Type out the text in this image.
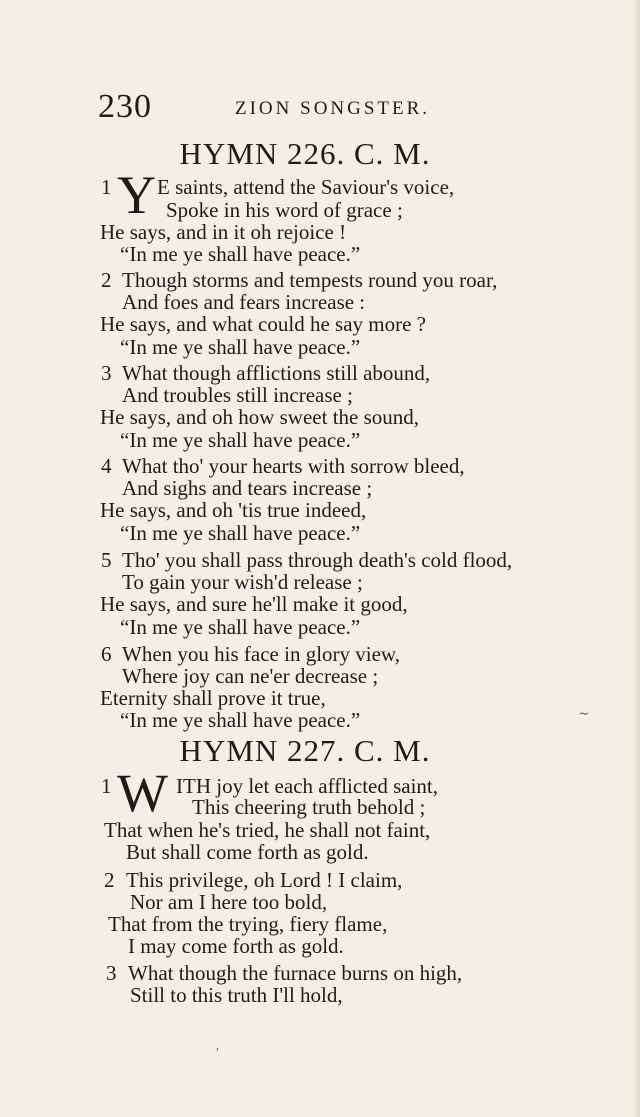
230	ZION SONGSTER.
HYMN 226. C. M.
1 Y E saints, attend the Saviour's voice,
Spoke in his word of grace ;
He says, and in it oh rejoice !
“In me ye shall have peace.”
2 Though storms and tempests round you roar,
And foes and fears increase :
He says, and what could he say more ?
“In me ye shall have peace.”
3 What though afflictions still abound,
And troubles still increase ;
He says, and oh how sweet the sound,
“In me ye shall have peace.”
4 What tho' your hearts with sorrow bleed,
And sighs and tears increase ;
He says, and oh 'tis true indeed,
“In me ye shall have peace.”
5 Tho' you shall pass through death's cold flood,
To gain your wish'd release ;
He says, and sure he'll make it good,
“In me ye shall have peace.”
6 When you his face in glory view,
Where joy can ne'er decrease ;
Eternity shall prove it true,
“In me ye shall have peace.”
HYMN 227. C. M.
1 W ITH joy let each afflicted saint,
This cheering truth behold ;
That when he's tried, he shall not faint,
But shall come forth as gold.
2 This privilege, oh Lord ! I claim,
Nor am I here too bold,
That from the trying, fiery flame,
I may come forth as gold.
3 What though the furnace burns on high,
Still to this truth I'll hold,
∼
′
